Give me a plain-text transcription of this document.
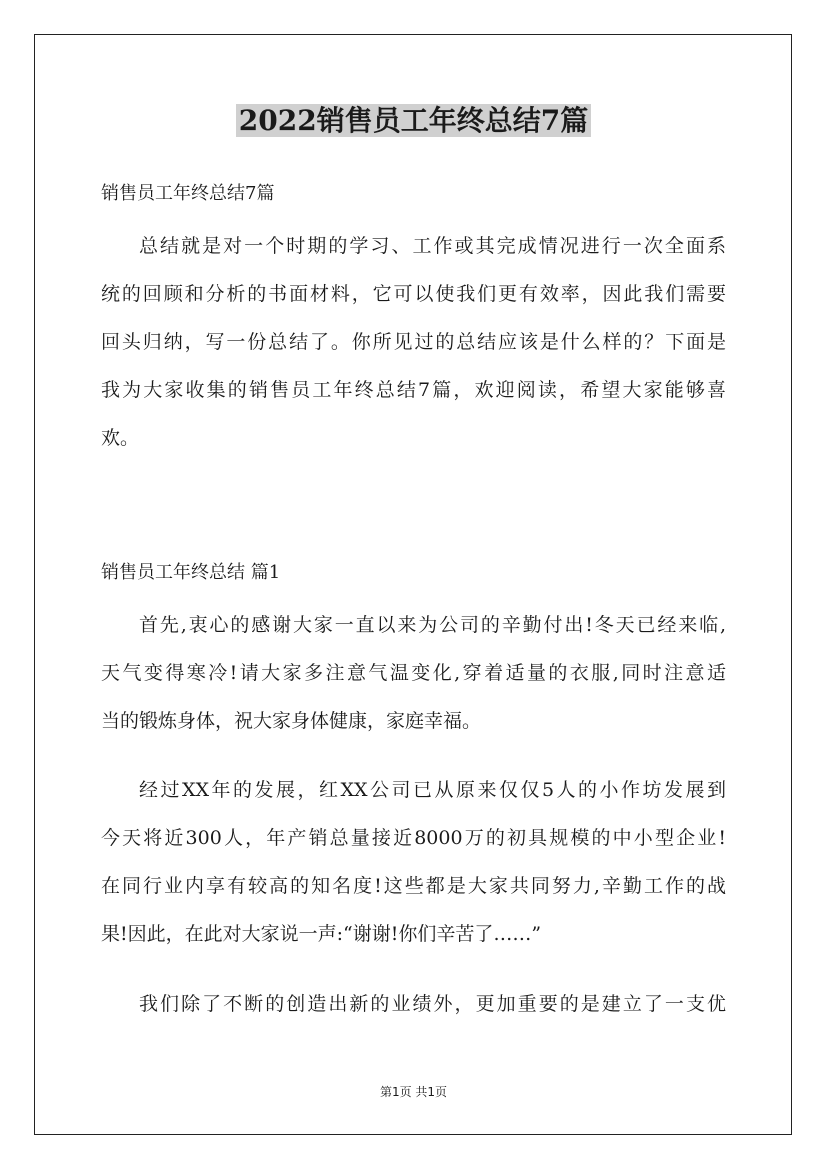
2022销售员工年终总结7篇
销售员工年终总结7篇
总结就是对一个时期的学习、工作或其完成情况进行一次全面系
统的回顾和分析的书面材料，它可以使我们更有效率，因此我们需要
回头归纳，写一份总结了。你所见过的总结应该是什么样的？下面是
我为大家收集的销售员工年终总结7篇，欢迎阅读，希望大家能够喜
欢。
销售员工年终总结 篇1
首先,衷心的感谢大家一直以来为公司的辛勤付出!冬天已经来临,
天气变得寒冷!请大家多注意气温变化,穿着适量的衣服,同时注意适
当的锻炼身体，祝大家身体健康，家庭幸福。
经过XX年的发展，红XX公司已从原来仅仅5人的小作坊发展到
今天将近300人，年产销总量接近8000万的初具规模的中小型企业!
在同行业内享有较高的知名度!这些都是大家共同努力,辛勤工作的战
果!因此，在此对大家说一声:“谢谢!你们辛苦了……”
我们除了不断的创造出新的业绩外，更加重要的是建立了一支优
第1页 共1页
